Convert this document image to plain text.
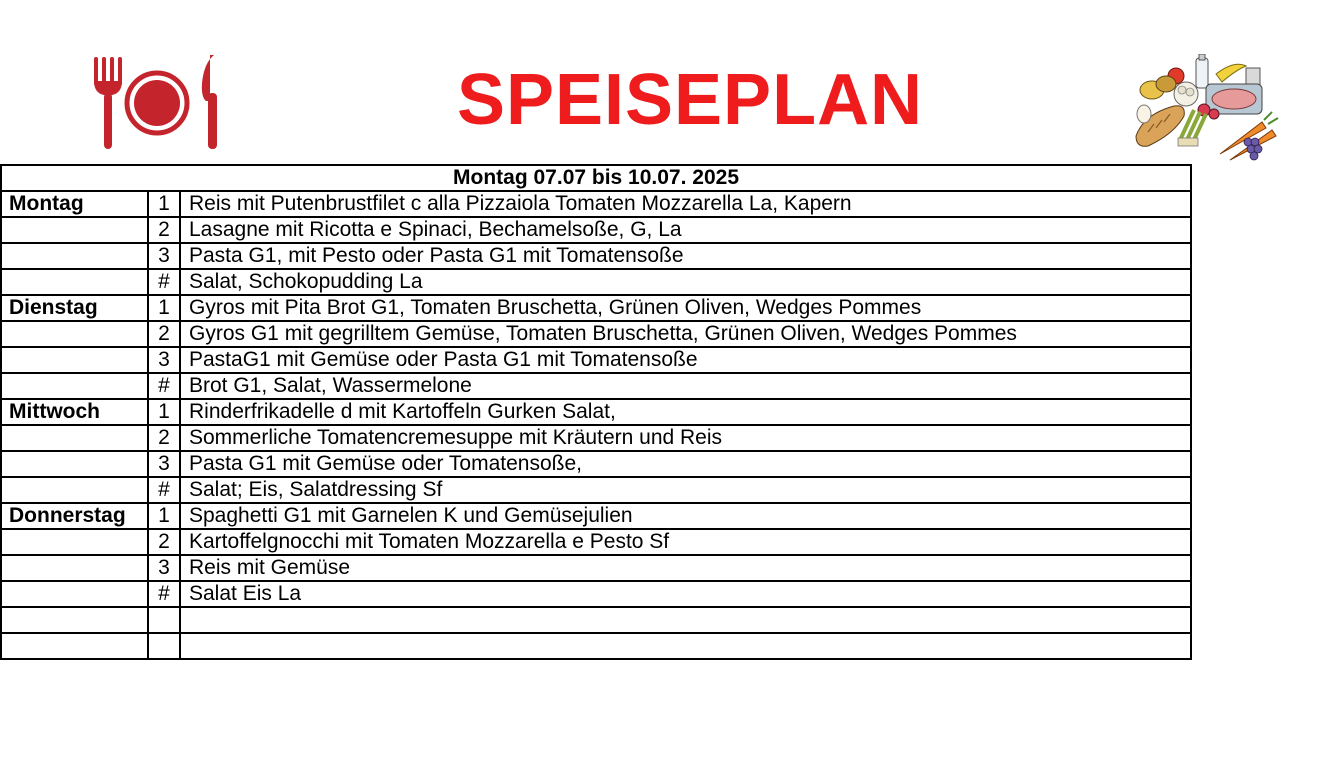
SPEISEPLAN
Montag 07.07 bis 10.07. 2025		
Montag	1	Reis mit Putenbrustfilet c alla Pizzaiola Tomaten Mozzarella La, Kapern
	2	Lasagne mit Ricotta e Spinaci, Bechamelsoße, G, La
	3	Pasta G1, mit Pesto oder Pasta G1 mit Tomatensoße
	#	Salat, Schokopudding La
Dienstag	1	Gyros mit Pita Brot G1, Tomaten Bruschetta, Grünen Oliven, Wedges Pommes
	2	Gyros G1 mit gegrilltem Gemüse, Tomaten Bruschetta, Grünen Oliven, Wedges Pommes
	3	PastaG1 mit Gemüse oder Pasta G1 mit Tomatensoße
	#	Brot G1, Salat, Wassermelone
Mittwoch	1	Rinderfrikadelle d mit Kartoffeln Gurken Salat,
	2	Sommerliche Tomatencremesuppe mit Kräutern und Reis
	3	Pasta G1 mit Gemüse oder Tomatensoße,
	#	Salat; Eis, Salatdressing Sf
Donnerstag	1	Spaghetti G1 mit Garnelen K und Gemüsejulien
	2	Kartoffelgnocchi mit Tomaten Mozzarella e Pesto Sf
	3	Reis mit Gemüse
	#	Salat Eis La
